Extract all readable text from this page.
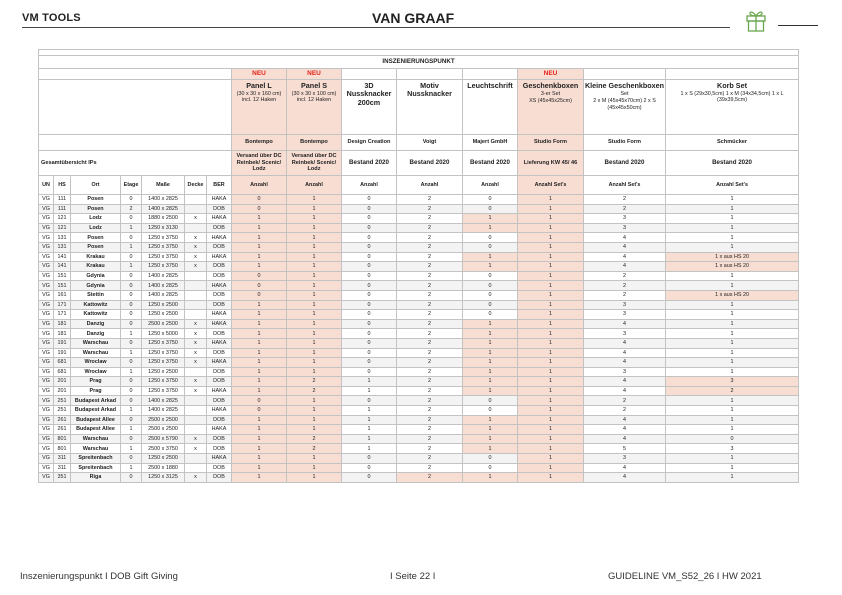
VM TOOLS	VAN GRAAF

INSZENIERUNGSPUNKT														
							NEU	NEU				NEU		

							Panel L
(30 x 30 x 160 cm) incl. 12 Haken	Panel S
(30 x 30 x 100 cm) incl. 12 Haken	3D Nussknacker 200cm	Motiv Nussknacker	Leuchtschrift	Geschenkboxen
3-er Set
XS (45x45x25cm)	Kleine Geschenkboxen
Set
2 x M (45x45x70cm) 2 x S (45x45x50cm)	Korb Set
1 x S (29x30,5cm) 1 x M (34x34,5cm) 1 x L (39x39,5cm)

							Bontempo	Bontempo	Design Creation	Voigt	Majert GmbH	Studio Form	Studio Form	Schmücker
Gesamtübersicht IPs							Versand über DC Reinbek/ Scenic/ Lodz	Versand über DC Reinbek/ Scenic/ Lodz	Bestand 2020	Bestand 2020	Bestand 2020	Lieferung KW 45/ 46	Bestand 2020	Bestand 2020
UN	HS	Ort	Etage	Maße	Decke	BER	Anzahl	Anzahl	Anzahl	Anzahl	Anzahl	Anzahl Set's	Anzahl Set's	Anzahl Set's
VG	111	Posen	0	1400 x 2825		HAKA	0	1	0	2	0	1	2	1
VG	111	Posen	2	1400 x 2825		DOB	0	1	0	2	0	1	2	1
VG	121	Lodz	0	1880 x 2500	x	HAKA	1	1	0	2	1	1	3	1
VG	121	Lodz	1	1250 x 3130		DOB	1	1	0	2	1	1	3	1
VG	131	Posen	0	1250 x 3750	x	HAKA	1	1	0	2	0	1	4	1
VG	131	Posen	1	1250 x 3750	x	DOB	1	1	0	2	0	1	4	1
VG	141	Krakau	0	1250 x 3750	x	HAKA	1	1	0	2	1	1	4	1 x aus HS 20
VG	141	Krakau	1	1250 x 3750	x	DOB	1	1	0	2	1	1	4	1 x aus HS 20
VG	151	Gdynia	0	1400 x 2825		DOB	0	1	0	2	0	1	2	1
VG	151	Gdynia	0	1400 x 2825		HAKA	0	1	0	2	0	1	2	1
VG	161	Stettin	0	1400 x 2825		DOB	0	1	0	2	0	1	2	1 x aus HS 20
VG	171	Kattowitz	0	1250 x 2500		DOB	1	1	0	2	0	1	3	1
VG	171	Kattowitz	0	1250 x 2500		HAKA	1	1	0	2	0	1	3	1
VG	181	Danzig	0	2500 x 2500	x	HAKA	1	1	0	2	1	1	4	1
VG	181	Danzig	1	1250 x 5000	x	DOB	1	1	0	2	1	1	3	1
VG	191	Warschau	0	1250 x 3750	x	HAKA	1	1	0	2	1	1	4	1
VG	191	Warschau	1	1250 x 3750	x	DOB	1	1	0	2	1	1	4	1
VG	681	Wroclaw	0	1250 x 3750	x	HAKA	1	1	0	2	1	1	4	1
VG	681	Wroclaw	1	1250 x 2500		DOB	1	1	0	2	1	1	3	1
VG	201	Prag	0	1250 x 3750	x	DOB	1	2	1	2	1	1	4	3
VG	201	Prag	0	1250 x 3750	x	HAKA	1	2	1	2	1	1	4	2
VG	251	Budapest Arkad	0	1400 x 2825		DOB	0	1	0	2	0	1	2	1
VG	251	Budapest Arkad	1	1400 x 2825		HAKA	0	1	1	2	0	1	2	1
VG	261	Budapest Allee	0	2500 x 2500		DOB	1	1	1	2	1	1	4	1
VG	261	Budapest Allee	1	2500 x 2500		HAKA	1	1	1	2	1	1	4	1
VG	801	Warschau	0	2500 x 5790	x	DOB	1	2	1	2	1	1	4	0
VG	801	Warschau	1	2500 x 3750	x	DOB	1	2	1	2	1	1	5	3
VG	311	Spreitenbach	0	1250 x 2500		HAKA	1	1	0	2	0	1	3	1
VG	311	Spreitenbach	1	2500 x 1880		DOB	1	1	0	2	0	1	4	1
VG	351	Riga	0	1250 x 3125	x	DOB	1	1	0	2	1	1	4	1
Inszenierungspunkt I DOB Gift Giving	I Seite 22 I	GUIDELINE VM_S52_26 I HW 2021
